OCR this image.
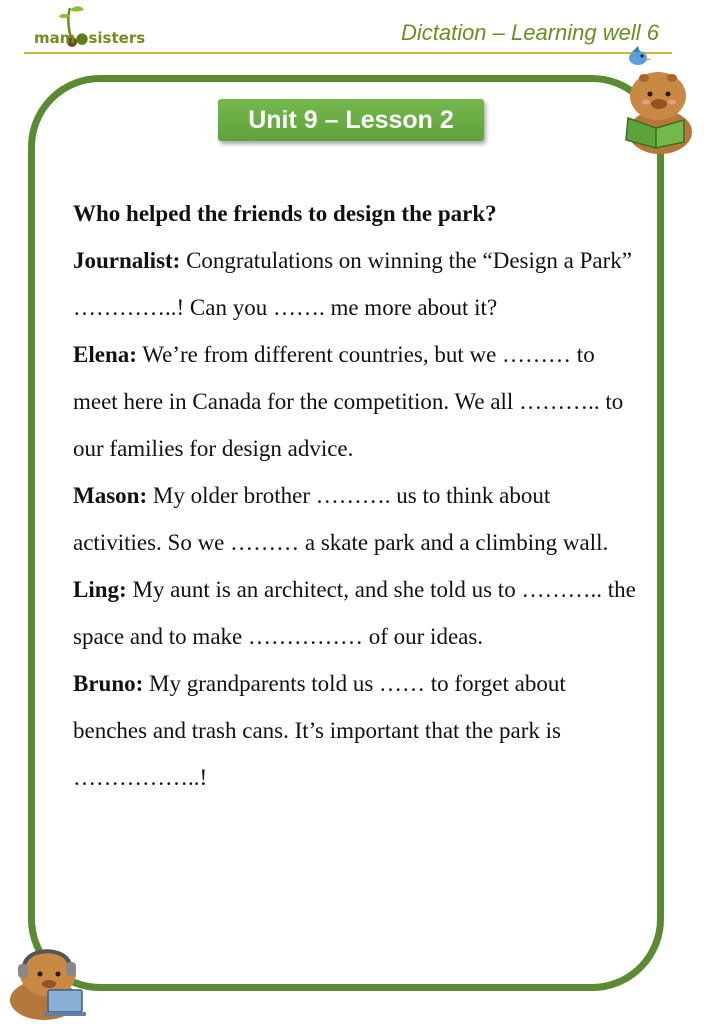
mam●sisters	Dictation – Learning well 6
Unit 9 – Lesson 2

Who helped the friends to design the park?

Journalist: Congratulations on winning the “Design a Park” …………..! Can you ……. me more about it?

Elena: We’re from different countries, but we ……… to meet here in Canada for the competition. We all ……….. to our families for design advice.

Mason: My older brother ………. us to think about activities. So we ……… a skate park and a climbing wall.

Ling: My aunt is an architect, and she told us to ……….. the space and to make …………… of our ideas.

Bruno: My grandparents told us …… to forget about benches and trash cans. It’s important that the park is ……………..!
